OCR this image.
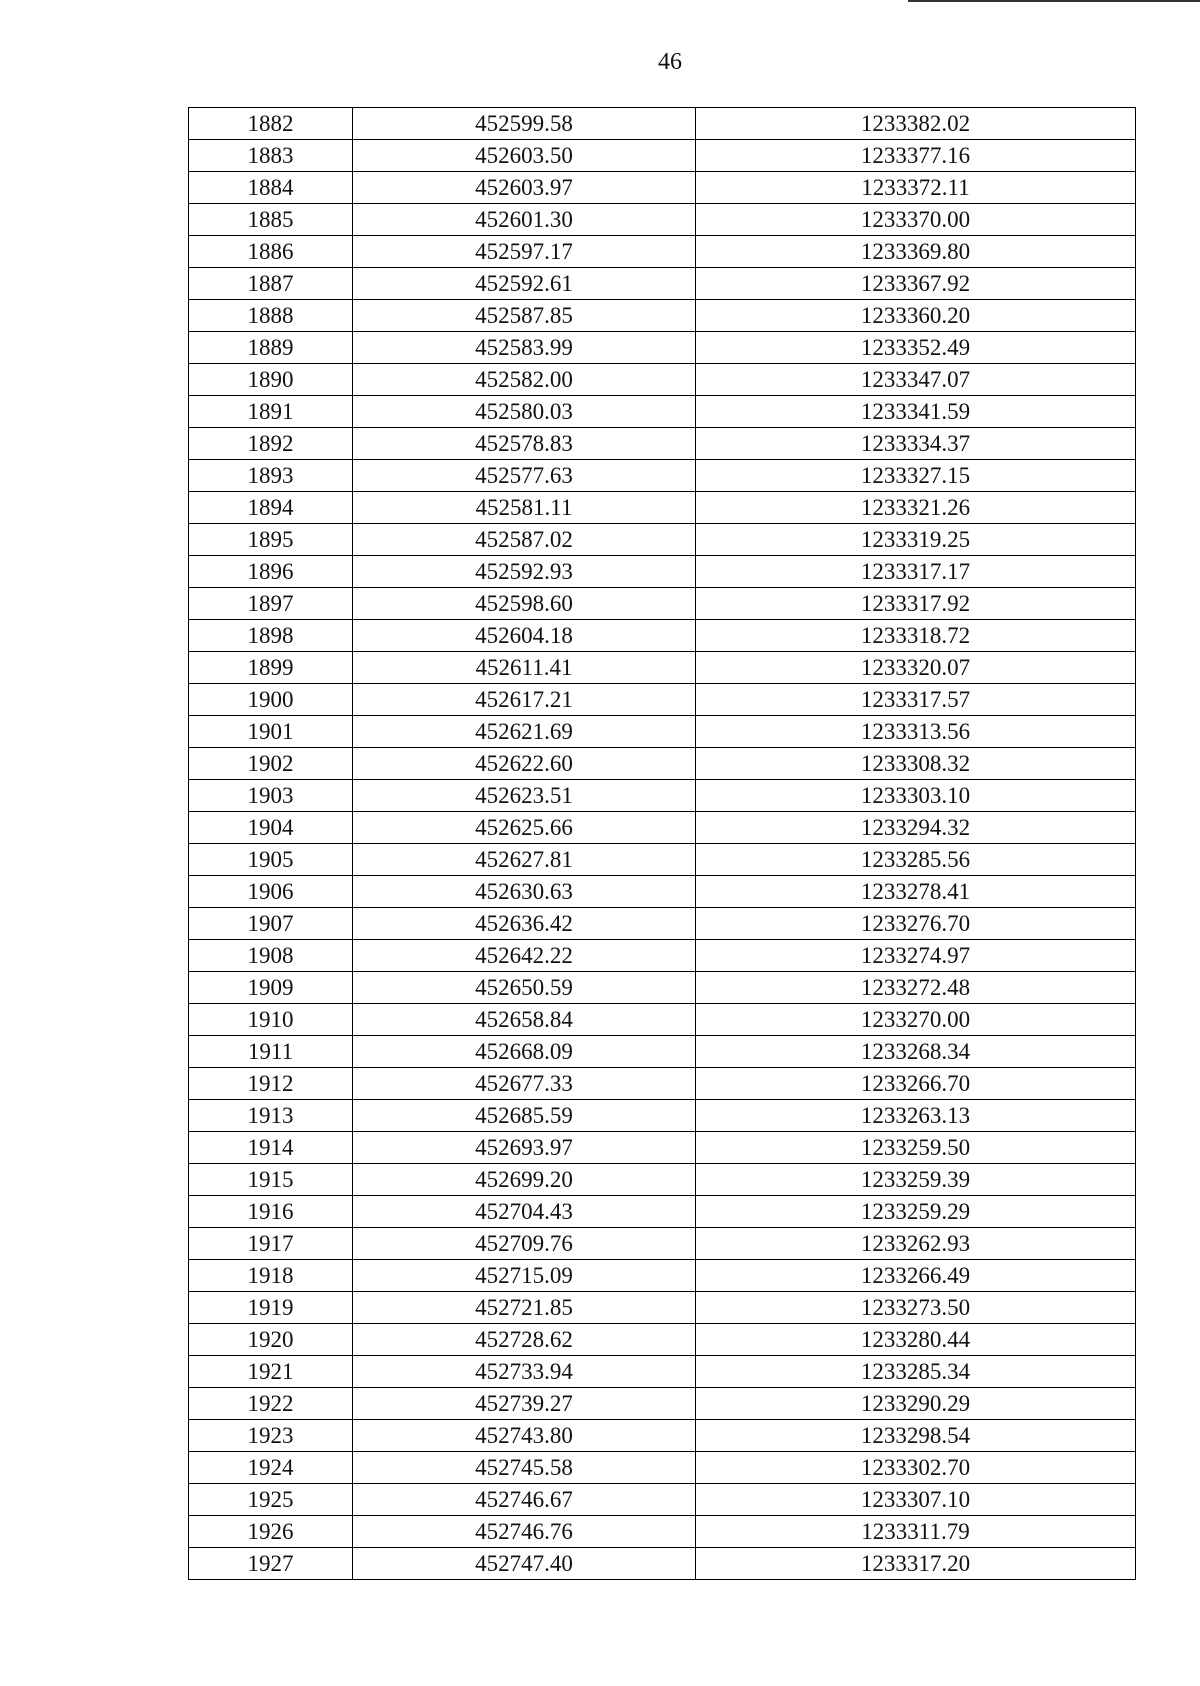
46
1882	452599.58	1233382.02
1883	452603.50	1233377.16
1884	452603.97	1233372.11
1885	452601.30	1233370.00
1886	452597.17	1233369.80
1887	452592.61	1233367.92
1888	452587.85	1233360.20
1889	452583.99	1233352.49
1890	452582.00	1233347.07
1891	452580.03	1233341.59
1892	452578.83	1233334.37
1893	452577.63	1233327.15
1894	452581.11	1233321.26
1895	452587.02	1233319.25
1896	452592.93	1233317.17
1897	452598.60	1233317.92
1898	452604.18	1233318.72
1899	452611.41	1233320.07
1900	452617.21	1233317.57
1901	452621.69	1233313.56
1902	452622.60	1233308.32
1903	452623.51	1233303.10
1904	452625.66	1233294.32
1905	452627.81	1233285.56
1906	452630.63	1233278.41
1907	452636.42	1233276.70
1908	452642.22	1233274.97
1909	452650.59	1233272.48
1910	452658.84	1233270.00
1911	452668.09	1233268.34
1912	452677.33	1233266.70
1913	452685.59	1233263.13
1914	452693.97	1233259.50
1915	452699.20	1233259.39
1916	452704.43	1233259.29
1917	452709.76	1233262.93
1918	452715.09	1233266.49
1919	452721.85	1233273.50
1920	452728.62	1233280.44
1921	452733.94	1233285.34
1922	452739.27	1233290.29
1923	452743.80	1233298.54
1924	452745.58	1233302.70
1925	452746.67	1233307.10
1926	452746.76	1233311.79
1927	452747.40	1233317.20
